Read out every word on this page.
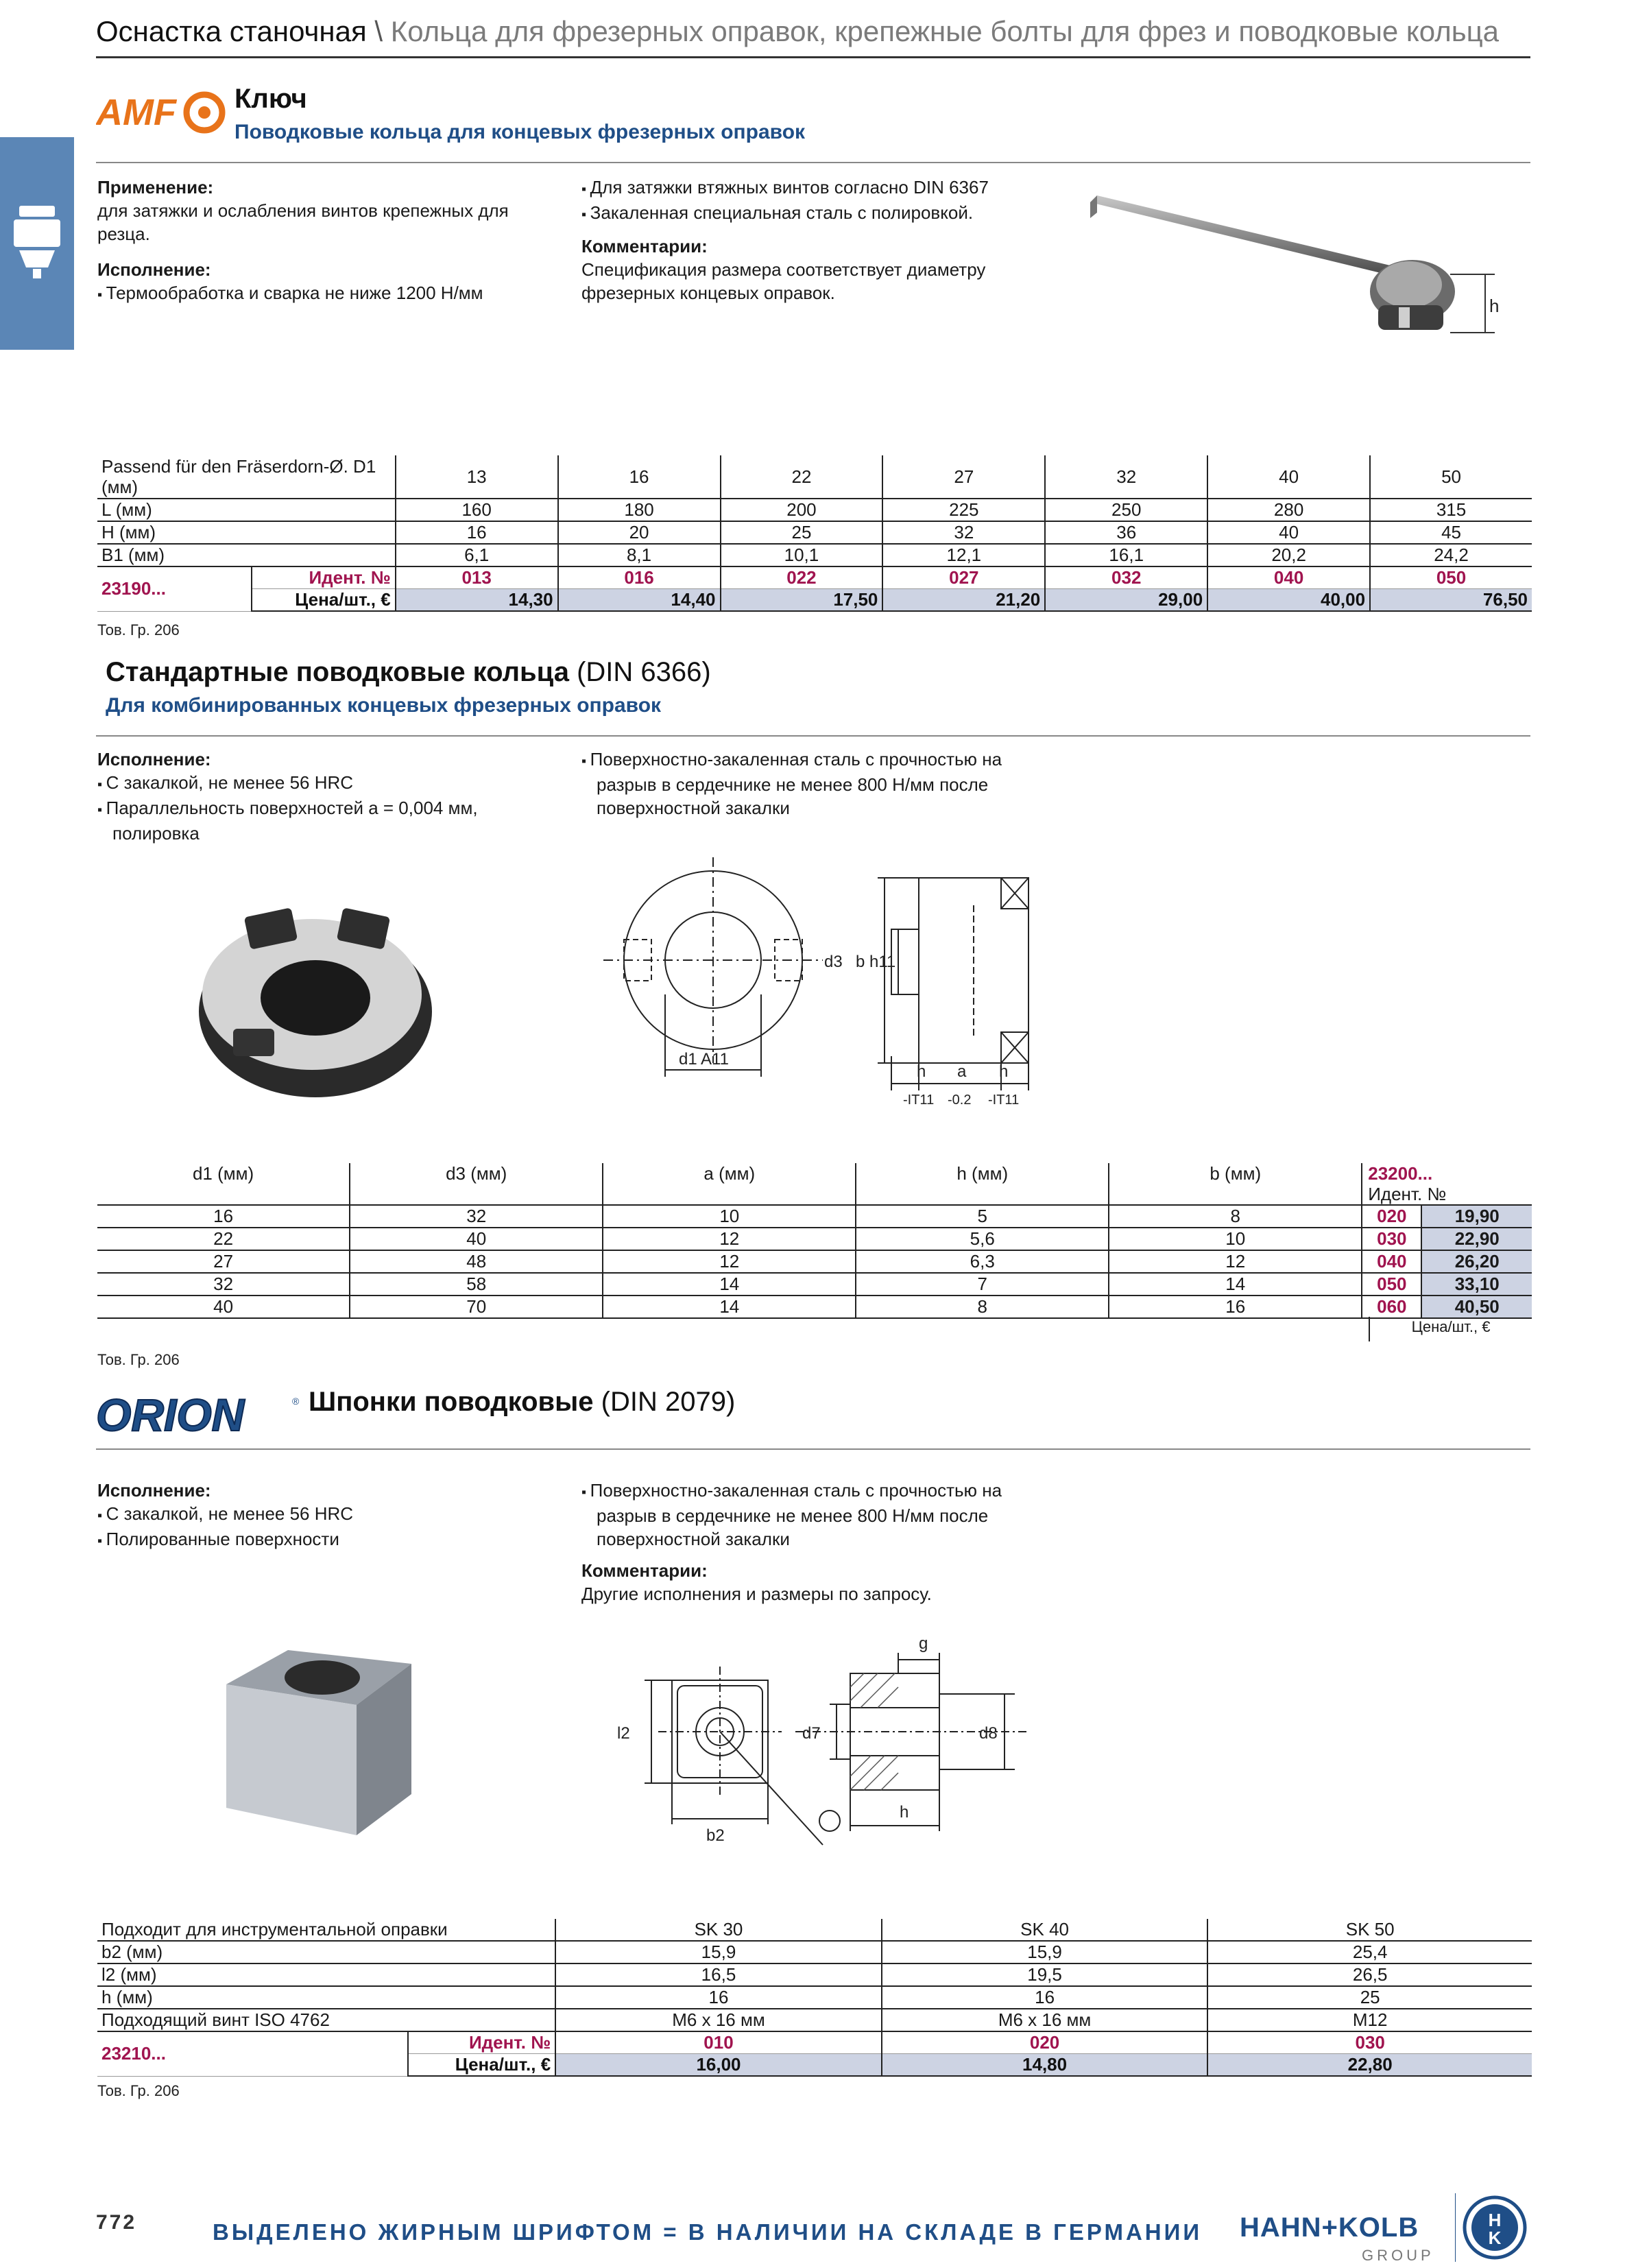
Оснастка станочная \ Кольца для фрезерных оправок, крепежные болты для фрез и поводковые кольца
AMF Ключ
Поводковые кольца для концевых фрезерных оправок
Применение:
для затяжки и ослабления винтов крепежных для резца.
Исполнение:
▪ Термообработка и сварка не ниже 1200 Н/мм
▪ Для затяжки втяжных винтов согласно DIN 6367
▪ Закаленная специальная сталь с полировкой.
Комментарии:
Спецификация размера соответствует диаметру фрезерных концевых оправок.
h
Passend für den Fräserdorn-Ø. D1 (мм)		13	16	22	27	32	40	50
L (мм)		160	180	200	225	250	280	315
H (мм)		16	20	25	32	36	40	45
B1 (мм)		6,1	8,1	10,1	12,1	16,1	20,2	24,2
23190...	Идент. №	013	016	022	027	032	040	050
	Цена/шт., €	14,30	14,40	17,50	21,20	29,00	40,00	76,50
Тов. Гр. 206
Стандартные поводковые кольца (DIN 6366)
Для комбинированных концевых фрезерных оправок
Исполнение:
▪ С закалкой, не менее 56 HRC
▪ Параллельность поверхностей а = 0,004 мм, полировка
▪ Поверхностно-закаленная сталь с прочностью на разрыв в сердечнике не менее 800 Н/мм после поверхностной закалки
d1 A11
d3 b h11
h a h
-IT11 -0.2 -IT11
d1 (мм)	d3 (мм)	a (мм)	h (мм)	b (мм)	23200...
Идент. №	

16	32	10	5	8	020	19,90
22	40	12	5,6	10	030	22,90
27	48	12	6,3	12	040	26,20
32	58	14	7	14	050	33,10
40	70	14	8	16	060	40,50
Цена/шт., €
Тов. Гр. 206
ORION	® Шпонки поводковые (DIN 2079)
Исполнение:
▪ С закалкой, не менее 56 HRC
▪ Полированные поверхности
▪ Поверхностно-закаленная сталь с прочностью на разрыв в сердечнике не менее 800 Н/мм после поверхностной закалки
Комментарии:
Другие исполнения и размеры по запросу.
l2
b2
g
d7	d8
h
Подходит для инструментальной оправки		SK 30	SK 40	SK 50
b2 (мм)		15,9	15,9	25,4
l2 (мм)		16,5	19,5	26,5
h (мм)		16	16	25
Подходящий винт ISO 4762		M6 x 16 мм	M6 x 16 мм	M12
23210...	Идент. №	010	020	030
	Цена/шт., €	16,00	14,80	22,80
Тов. Гр. 206
772	ВЫДЕЛЕНО ЖИРНЫМ ШРИФТОМ = В НАЛИЧИИ НА СКЛАДЕ В ГЕРМАНИИ HAHN+KOLB
GROUP
H
K
